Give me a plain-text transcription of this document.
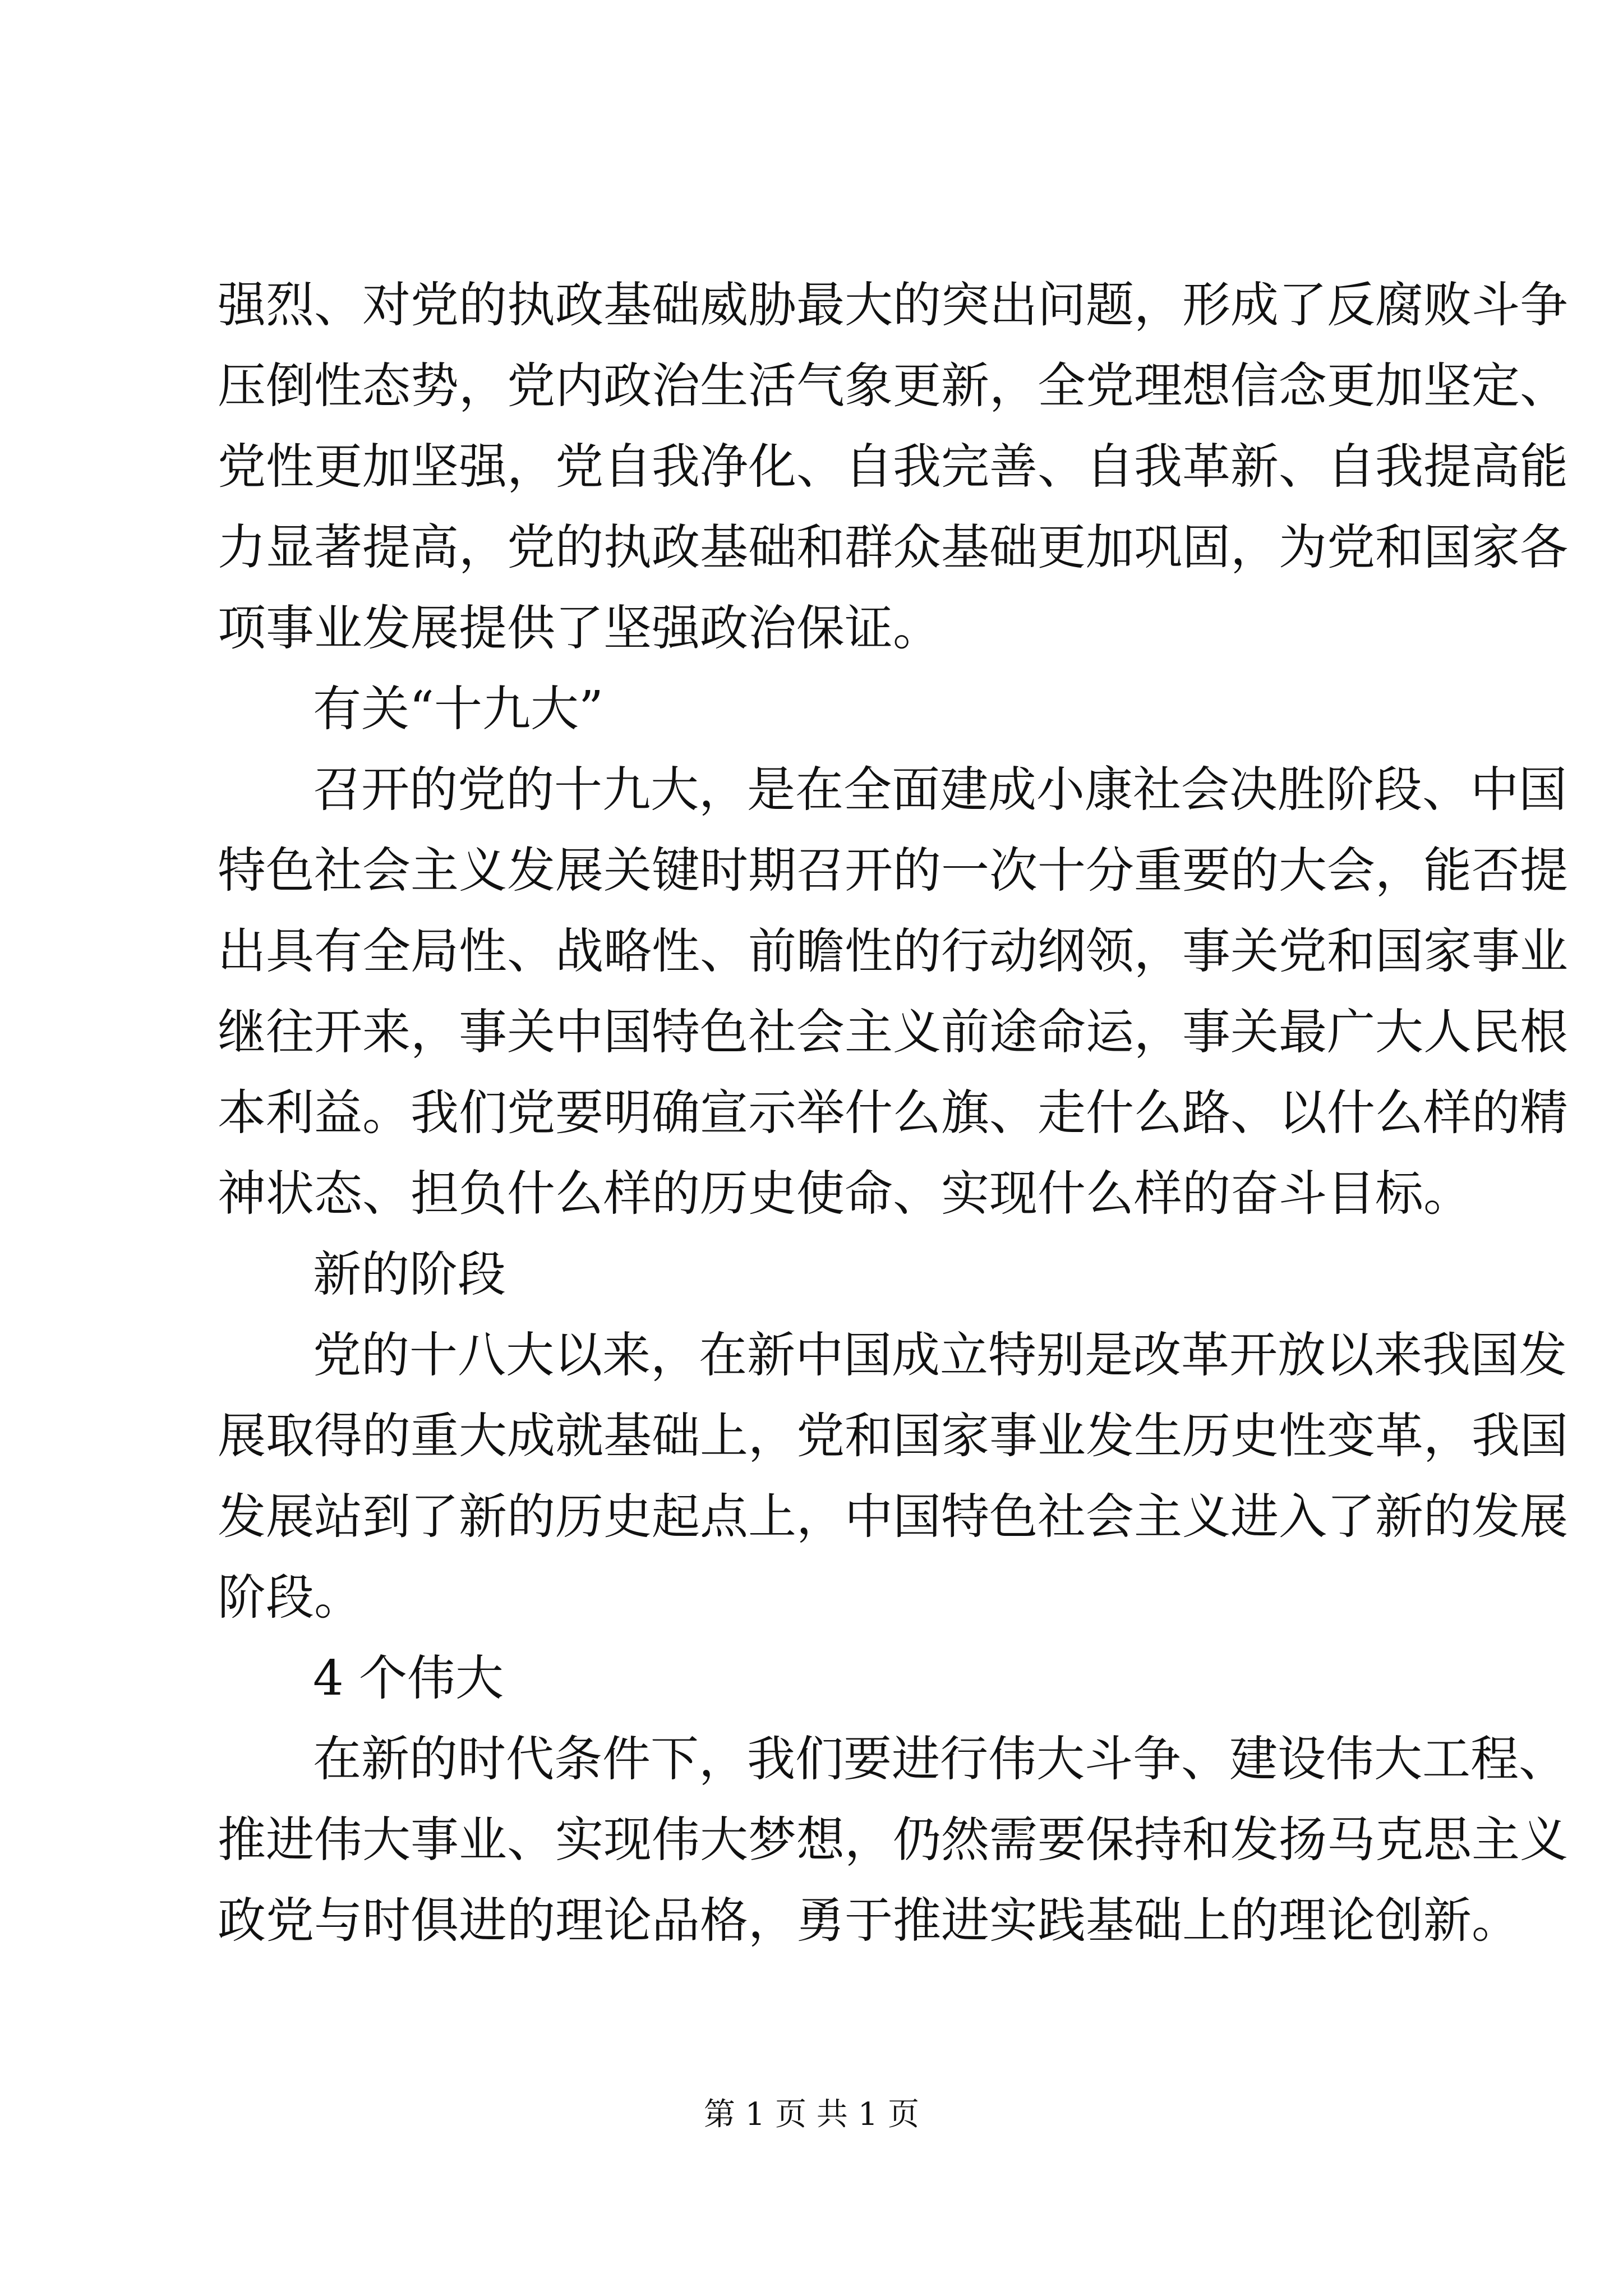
强烈、对党的执政基础威胁最大的突出问题，形成了反腐败斗争
压倒性态势，党内政治生活气象更新，全党理想信念更加坚定、
党性更加坚强，党自我净化、自我完善、自我革新、自我提高能
力显著提高，党的执政基础和群众基础更加巩固，为党和国家各
项事业发展提供了坚强政治保证。
有关“十九大”
召开的党的十九大，是在全面建成小康社会决胜阶段、中国
特色社会主义发展关键时期召开的一次十分重要的大会，能否提
出具有全局性、战略性、前瞻性的行动纲领，事关党和国家事业
继往开来，事关中国特色社会主义前途命运，事关最广大人民根
本利益。我们党要明确宣示举什么旗、走什么路、以什么样的精
神状态、担负什么样的历史使命、实现什么样的奋斗目标。
新的阶段
党的十八大以来，在新中国成立特别是改革开放以来我国发
展取得的重大成就基础上，党和国家事业发生历史性变革，我国
发展站到了新的历史起点上，中国特色社会主义进入了新的发展
阶段。
4 个伟大
在新的时代条件下，我们要进行伟大斗争、建设伟大工程、
推进伟大事业、实现伟大梦想，仍然需要保持和发扬马克思主义
政党与时俱进的理论品格，勇于推进实践基础上的理论创新。
第 1 页 共 1 页
